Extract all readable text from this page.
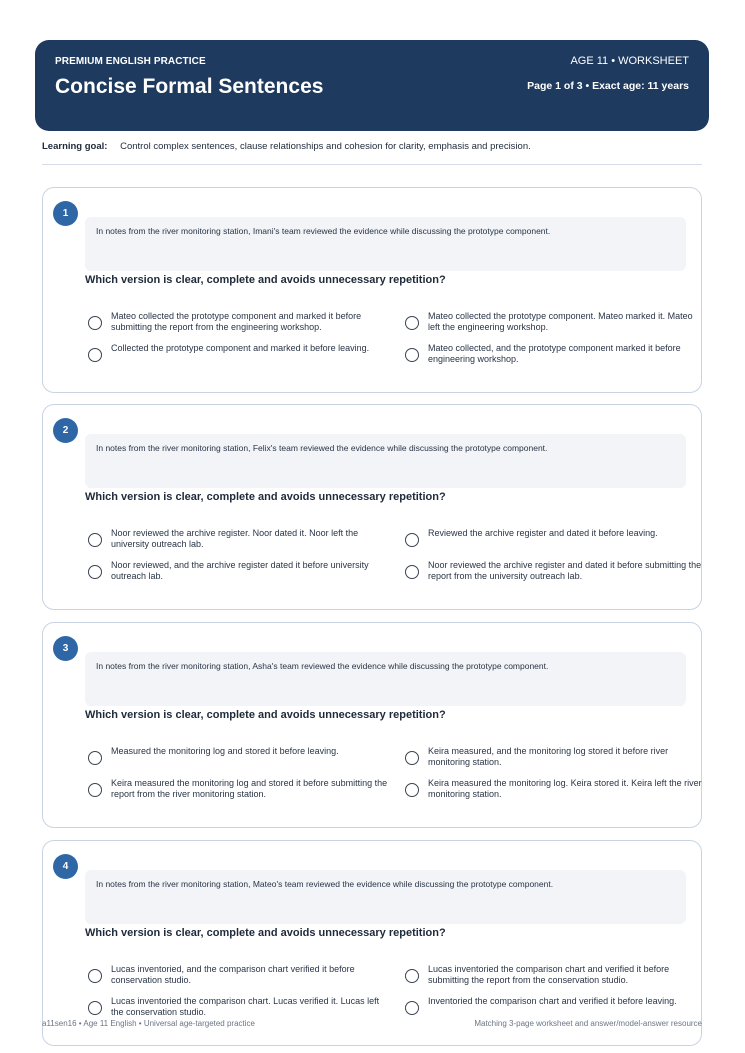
PREMIUM ENGLISH PRACTICE
Concise Formal Sentences
AGE 11 • WORKSHEET
Page 1 of 3 • Exact age: 11 years
Learning goal: Control complex sentences, clause relationships and cohesion for clarity, emphasis and precision.
1
In notes from the river monitoring station, Imani's team reviewed the evidence while discussing the prototype component.
Which version is clear, complete and avoids unnecessary repetition?
Mateo collected the prototype component and marked it before submitting the report from the engineering workshop.
Mateo collected the prototype component. Mateo marked it. Mateo left the engineering workshop.
Collected the prototype component and marked it before leaving.	Mateo collected, and the prototype component marked it before engineering workshop.
2
In notes from the river monitoring station, Felix's team reviewed the evidence while discussing the prototype component.
Which version is clear, complete and avoids unnecessary repetition?
Noor reviewed the archive register. Noor dated it. Noor left the university outreach lab.
Reviewed the archive register and dated it before leaving.
Noor reviewed, and the archive register dated it before university outreach lab.
Noor reviewed the archive register and dated it before submitting the report from the university outreach lab.
3
In notes from the river monitoring station, Asha's team reviewed the evidence while discussing the prototype component.
Which version is clear, complete and avoids unnecessary repetition?
Measured the monitoring log and stored it before leaving.	Keira measured, and the monitoring log stored it before river monitoring station.
Keira measured the monitoring log and stored it before submitting the report from the river monitoring station.
Keira measured the monitoring log. Keira stored it. Keira left the river monitoring station.
4
In notes from the river monitoring station, Mateo's team reviewed the evidence while discussing the prototype component.
Which version is clear, complete and avoids unnecessary repetition?
Lucas inventoried, and the comparison chart verified it before conservation studio.
Lucas inventoried the comparison chart and verified it before submitting the report from the conservation studio.
Lucas inventoried the comparison chart. Lucas verified it. Lucas left the conservation studio.
Inventoried the comparison chart and verified it before leaving.
a11sen16 • Age 11 English • Universal age-targeted practice	Matching 3-page worksheet and answer/model-answer resource
